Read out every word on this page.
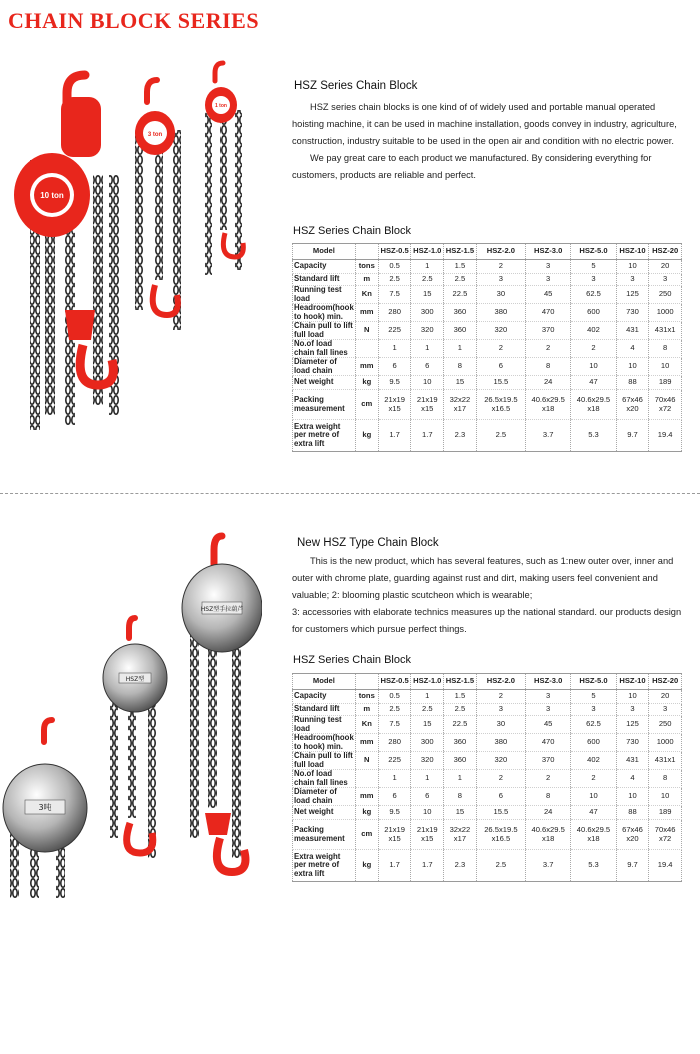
CHAIN BLOCK SERIES
10 ton
3 ton
1 ton
HSZ Series Chain Block

HSZ series chain blocks is one kind of of widely used and portable manual operated hoisting machine, it can be used in machine installation, goods convey in industry, agriculture, construction, industry suitable to be used in the open air and condition with no electric power.

We pay great care to each product we manufactured. By considering everything for customers, products are reliable and perfect.

HSZ Series Chain Block
Model		HSZ-0.5	HSZ-1.0	HSZ-1.5	HSZ-2.0	HSZ-3.0	HSZ-5.0	HSZ-10	HSZ-20
Capacity	tons	0.5	1	1.5	2	3	5	10	20
Standard lift	m	2.5	2.5	2.5	3	3	3	3	3
Running test load	Kn	7.5	15	22.5	30	45	62.5	125	250
Headroom(hook to hook) min.	mm	280	300	360	380	470	600	730	1000
Chain pull to lift full load	N	225	320	360	320	370	402	431	431x1
No.of load chain fall lines		1	1	1	2	2	2	4	8
Diameter of load chain	mm	6	6	8	6	8	10	10	10
Net weight	kg	9.5	10	15	15.5	24	47	88	189
Packing measurement	cm	21x19 x15	21x19 x15	32x22 x17	26.5x19.5 x16.5	40.6x29.5 x18	40.6x29.5 x18	67x46 x20	70x46 x72
Extra weight per metre of extra lift	kg	1.7	1.7	2.3	2.5	3.7	5.3	9.7	19.4
HSZ型手拉葫芦
HSZ型
3吨
New HSZ Type Chain Block

This is the new product, which has several features, such as 1:new outer over, inner and outer with chrome plate, guarding against rust and dirt, making users feel convenient and valuable; 2: blooming plastic scutcheon which is wearable;

3: accessories with elaborate technics measures up the national standard. our products design for customers which pursue perfect things.

HSZ Series Chain Block
Model		HSZ-0.5	HSZ-1.0	HSZ-1.5	HSZ-2.0	HSZ-3.0	HSZ-5.0	HSZ-10	HSZ-20
Capacity	tons	0.5	1	1.5	2	3	5	10	20
Standard lift	m	2.5	2.5	2.5	3	3	3	3	3
Running test load	Kn	7.5	15	22.5	30	45	62.5	125	250
Headroom(hook to hook) min.	mm	280	300	360	380	470	600	730	1000
Chain pull to lift full load	N	225	320	360	320	370	402	431	431x1
No.of load chain fall lines		1	1	1	2	2	2	4	8
Diameter of load chain	mm	6	6	8	6	8	10	10	10
Net weight	kg	9.5	10	15	15.5	24	47	88	189
Packing measurement	cm	21x19 x15	21x19 x15	32x22 x17	26.5x19.5 x16.5	40.6x29.5 x18	40.6x29.5 x18	67x46 x20	70x46 x72
Extra weight per metre of extra lift	kg	1.7	1.7	2.3	2.5	3.7	5.3	9.7	19.4
